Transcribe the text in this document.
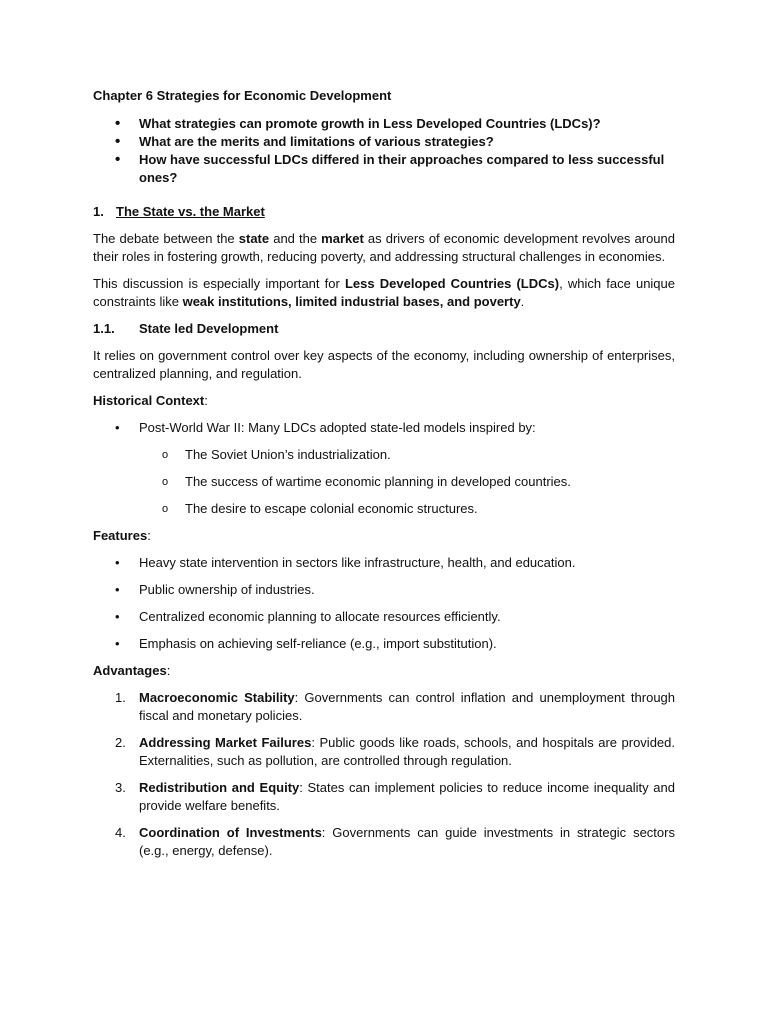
Chapter 6 Strategies for Economic Development
• What strategies can promote growth in Less Developed Countries (LDCs)?
• What are the merits and limitations of various strategies?
• How have successful LDCs differed in their approaches compared to less successful ones?
1. The State vs. the Market

The debate between the state and the market as drivers of economic development revolves around their roles in fostering growth, reducing poverty, and addressing structural challenges in economies.

This discussion is especially important for Less Developed Countries (LDCs), which face unique constraints like weak institutions, limited industrial bases, and poverty.

1.1. State led Development

It relies on government control over key aspects of the economy, including ownership of enterprises, centralized planning, and regulation.

Historical Context:
• Post-World War II: Many LDCs adopted state-led models inspired by:
o The Soviet Union’s industrialization.
o The success of wartime economic planning in developed countries.
o The desire to escape colonial economic structures.
Features:
• Heavy state intervention in sectors like infrastructure, health, and education.
• Public ownership of industries.
• Centralized economic planning to allocate resources efficiently.
• Emphasis on achieving self-reliance (e.g., import substitution).
Advantages:
1. Macroeconomic Stability: Governments can control inflation and unemployment through fiscal and monetary policies.
2. Addressing Market Failures: Public goods like roads, schools, and hospitals are provided. Externalities, such as pollution, are controlled through regulation.
3. Redistribution and Equity: States can implement policies to reduce income inequality and provide welfare benefits.
4. Coordination of Investments: Governments can guide investments in strategic sectors (e.g., energy, defense).
